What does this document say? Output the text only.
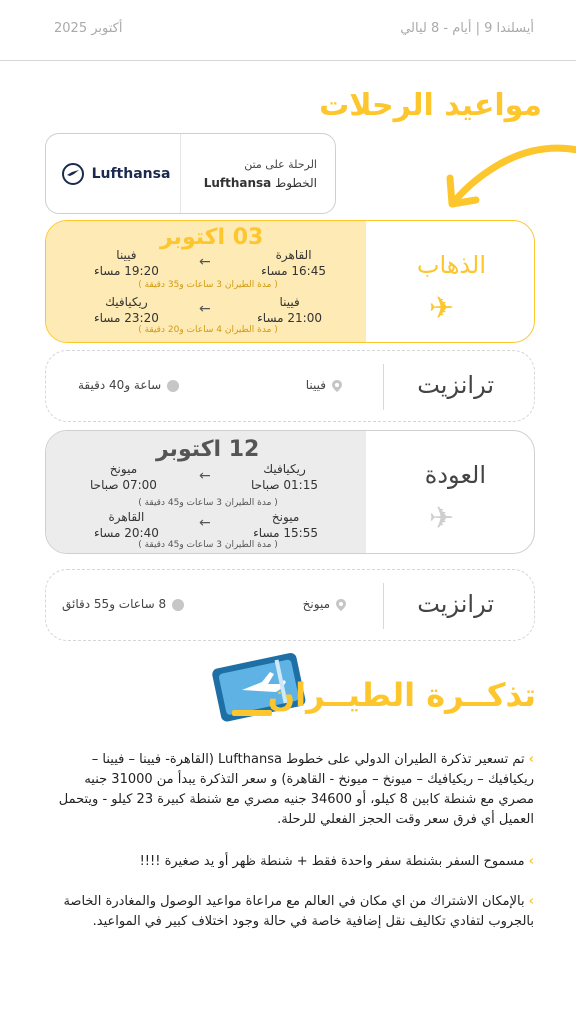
أيسلندا 9 | أيام - 8 ليالي
أكتوبر 2025
مواعيد الرحلات
Lufthansa
الرحلة على متن
الخطوط Lufthansa
03 اكتوبر
القاهرة
16:45 مساء
←
فيينا
19:20 مساء
( مدة الطيران 3 ساعات و35 دقيقة )
فيينا
21:00 مساء
←
ريكيافيك
23:20 مساء
( مدة الطيران 4 ساعات و20 دقيقة )
الذهاب
✈
ترانزيت
فيينا
ساعة و40 دقيقة
12 اكتوبر
ريكيافيك
01:15 صباحا
←
ميونخ
07:00 صباحا
( مدة الطيران 3 ساعات و45 دقيقة )
ميونخ
15:55 مساء
←
القاهرة
20:40 مساء
( مدة الطيران 3 ساعات و45 دقيقة )
العودة
✈
ترانزيت
ميونخ
8 ساعات و55 دقائق
تذكــرة الطيــران
›تم تسعير تذكرة الطيران الدولي على خطوط Lufthansa (القاهرة- فيينا – فيينا – ريكيافيك – ريكيافيك – ميونخ – ميونخ - القاهرة) و سعر التذكرة يبدأ من 31000 جنيه مصري مع شنطة كابين 8 كيلو، أو 34600 جنيه مصري مع شنطة كبيرة 23 كيلو - ويتحمل العميل أي فرق سعر وقت الحجز الفعلي للرحلة.
›مسموح السفر بشنطة سفر واحدة فقط + شنطة ظهر أو يد صغيرة !!!!
›بالإمكان الاشتراك من اي مكان في العالم مع مراعاة مواعيد الوصول والمغادرة الخاصة بالجروب لتفادي تكاليف نقل إضافية خاصة في حالة وجود اختلاف كبير في المواعيد.
